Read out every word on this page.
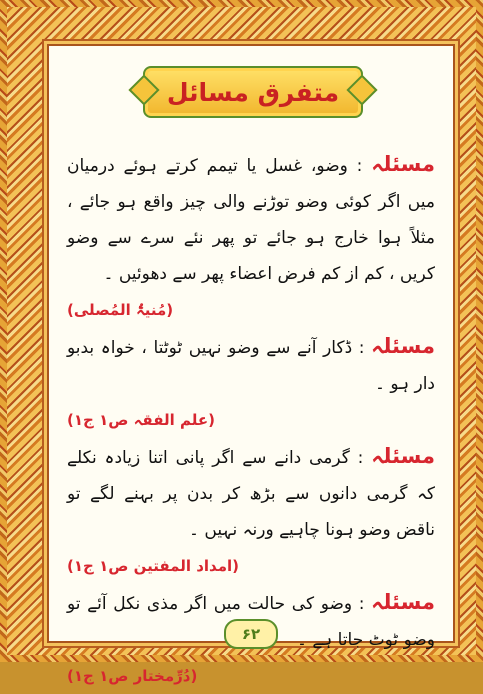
متفرق مسائل

مسئلہ : وضو، غسل یا تیمم کرتے ہوئے درمیان میں اگر کوئی وضو توڑنے والی چیز واقع ہو جائے ، مثلاً ہوا خارج ہو جائے تو پھر نئے سرے سے وضو کریں ، کم از کم فرض اعضاء پھر سے دھوئیں ۔

(مُنیۃُ المُصلی)

مسئلہ : ڈکار آنے سے وضو نہیں ٹوٹتا ، خواہ بدبو دار ہو ۔

(علم الفقہ ص۱ ج۱)

مسئلہ : گرمی دانے سے اگر پانی اتنا زیادہ نکلے کہ گرمی دانوں سے بڑھ کر بدن پر بہنے لگے تو ناقض وضو ہونا چاہیے ورنہ نہیں ۔

(امداد المفتین ص۱ ج۱)

مسئلہ : وضو کی حالت میں اگر مذی نکل آئے تو وضو ٹوٹ جاتا ہے ۔

(دُرِّمختار ص۱ ج۱)
۶۲
